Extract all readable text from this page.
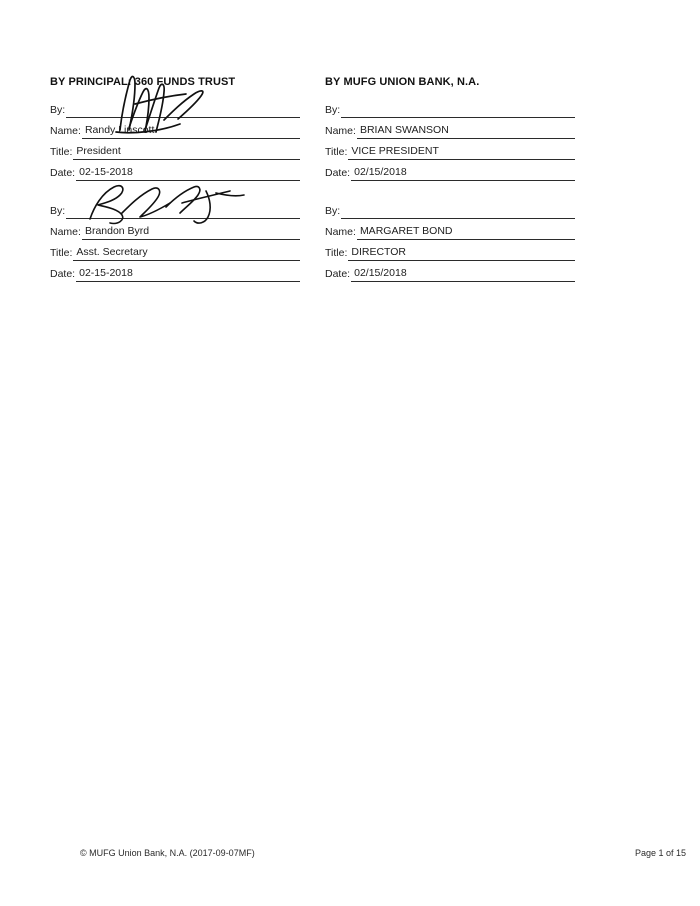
BY PRINCIPAL: 360 FUNDS TRUST
By:
Name: Randy Linscott
Title: President
Date: 02-15-2018
By:
Name: Brandon Byrd
Title: Asst. Secretary
Date: 02-15-2018
BY MUFG UNION BANK, N.A.
By:
Name: BRIAN SWANSON
Title: VICE PRESIDENT
Date: 02/15/2018
By:
Name: MARGARET BOND
Title: DIRECTOR
Date: 02/15/2018
© MUFG Union Bank, N.A. (2017-09-07MF)	Page 1 of 15
